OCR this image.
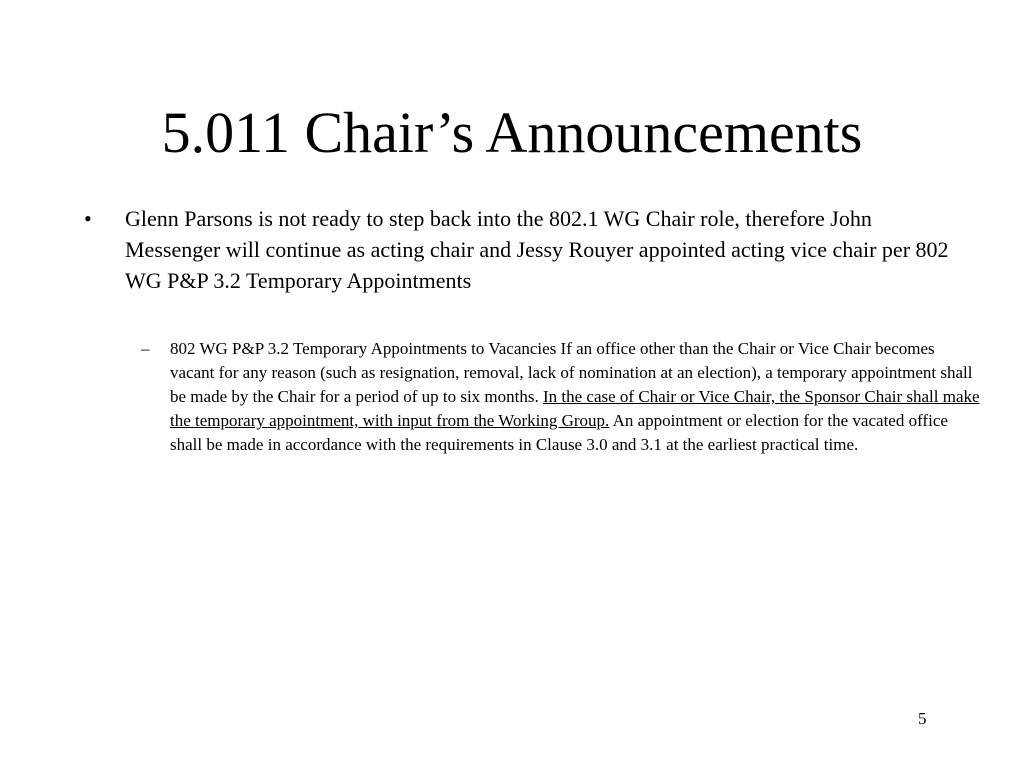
5.011 Chair’s Announcements
• Glenn Parsons is not ready to step back into the 802.1 WG Chair role, therefore John Messenger will continue as acting chair and Jessy Rouyer appointed acting vice chair per 802 WG P&P 3.2 Temporary Appointments
– 802 WG P&P 3.2 Temporary Appointments to Vacancies If an office other than the Chair or Vice Chair becomes vacant for any reason (such as resignation, removal, lack of nomination at an election), a temporary appointment shall be made by the Chair for a period of up to six months. In the case of Chair or Vice Chair, the Sponsor Chair shall make the temporary appointment, with input from the Working Group. An appointment or election for the vacated office shall be made in accordance with the requirements in Clause 3.0 and 3.1 at the earliest practical time.
5
